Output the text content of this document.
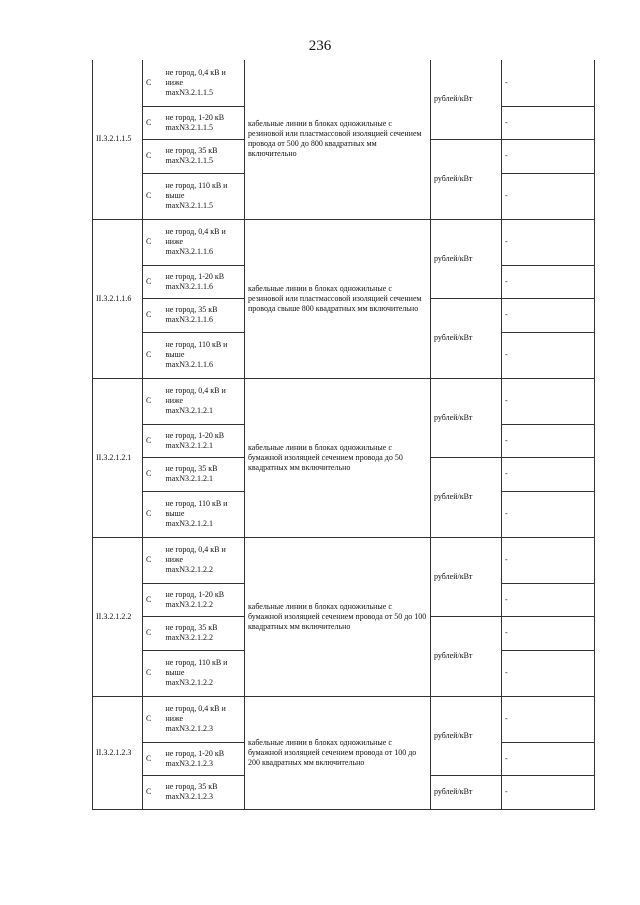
236
II.3.2.1.1.5	С	не город, 0,4 кВ и
ниже
maxN3.2.1.1.5	кабельные линии в блоках одножильные с резиновой или пластмассовой изоляцией сечением провода от 500 до 800 квадратных мм включительно	рублей/кВт	-
	С	не город, 1-20 кВ
maxN3.2.1.1.5			-
	С	не город, 35 кВ
maxN3.2.1.1.5		рублей/кВт	-
	С	не город, 110 кВ и
выше
maxN3.2.1.1.5			-
II.3.2.1.1.6	С	не город, 0,4 кВ и
ниже
maxN3.2.1.1.6	кабельные линии в блоках одножильные с резиновой или пластмассовой изоляцией сечением провода свыше 800 квадратных мм включительно	рублей/кВт	-
	С	не город, 1-20 кВ
maxN3.2.1.1.6			-
	С	не город, 35 кВ
maxN3.2.1.1.6		рублей/кВт	-
	С	не город, 110 кВ и
выше
maxN3.2.1.1.6			-
II.3.2.1.2.1	С	не город, 0,4 кВ и
ниже
maxN3.2.1.2.1	кабельные линии в блоках одножильные с бумажной изоляцией сечением провода до 50 квадратных мм включительно	рублей/кВт	-
	С	не город, 1-20 кВ
maxN3.2.1.2.1			-
	С	не город, 35 кВ
maxN3.2.1.2.1		рублей/кВт	-
	С	не город, 110 кВ и
выше
maxN3.2.1.2.1			-
II.3.2.1.2.2	С	не город, 0,4 кВ и
ниже
maxN3.2.1.2.2	кабельные линии в блоках одножильные с бумажной изоляцией сечением провода от 50 до 100 квадратных мм включительно	рублей/кВт	-
	С	не город, 1-20 кВ
maxN3.2.1.2.2			-
	С	не город, 35 кВ
maxN3.2.1.2.2		рублей/кВт	-
	С	не город, 110 кВ и
выше
maxN3.2.1.2.2			-
II.3.2.1.2.3	С	не город, 0,4 кВ и
ниже
maxN3.2.1.2.3	кабельные линии в блоках одножильные с бумажной изоляцией сечением провода от 100 до 200 квадратных мм включительно	рублей/кВт	-
	С	не город, 1-20 кВ
maxN3.2.1.2.3			-
	С	не город, 35 кВ
maxN3.2.1.2.3		рублей/кВт	-
